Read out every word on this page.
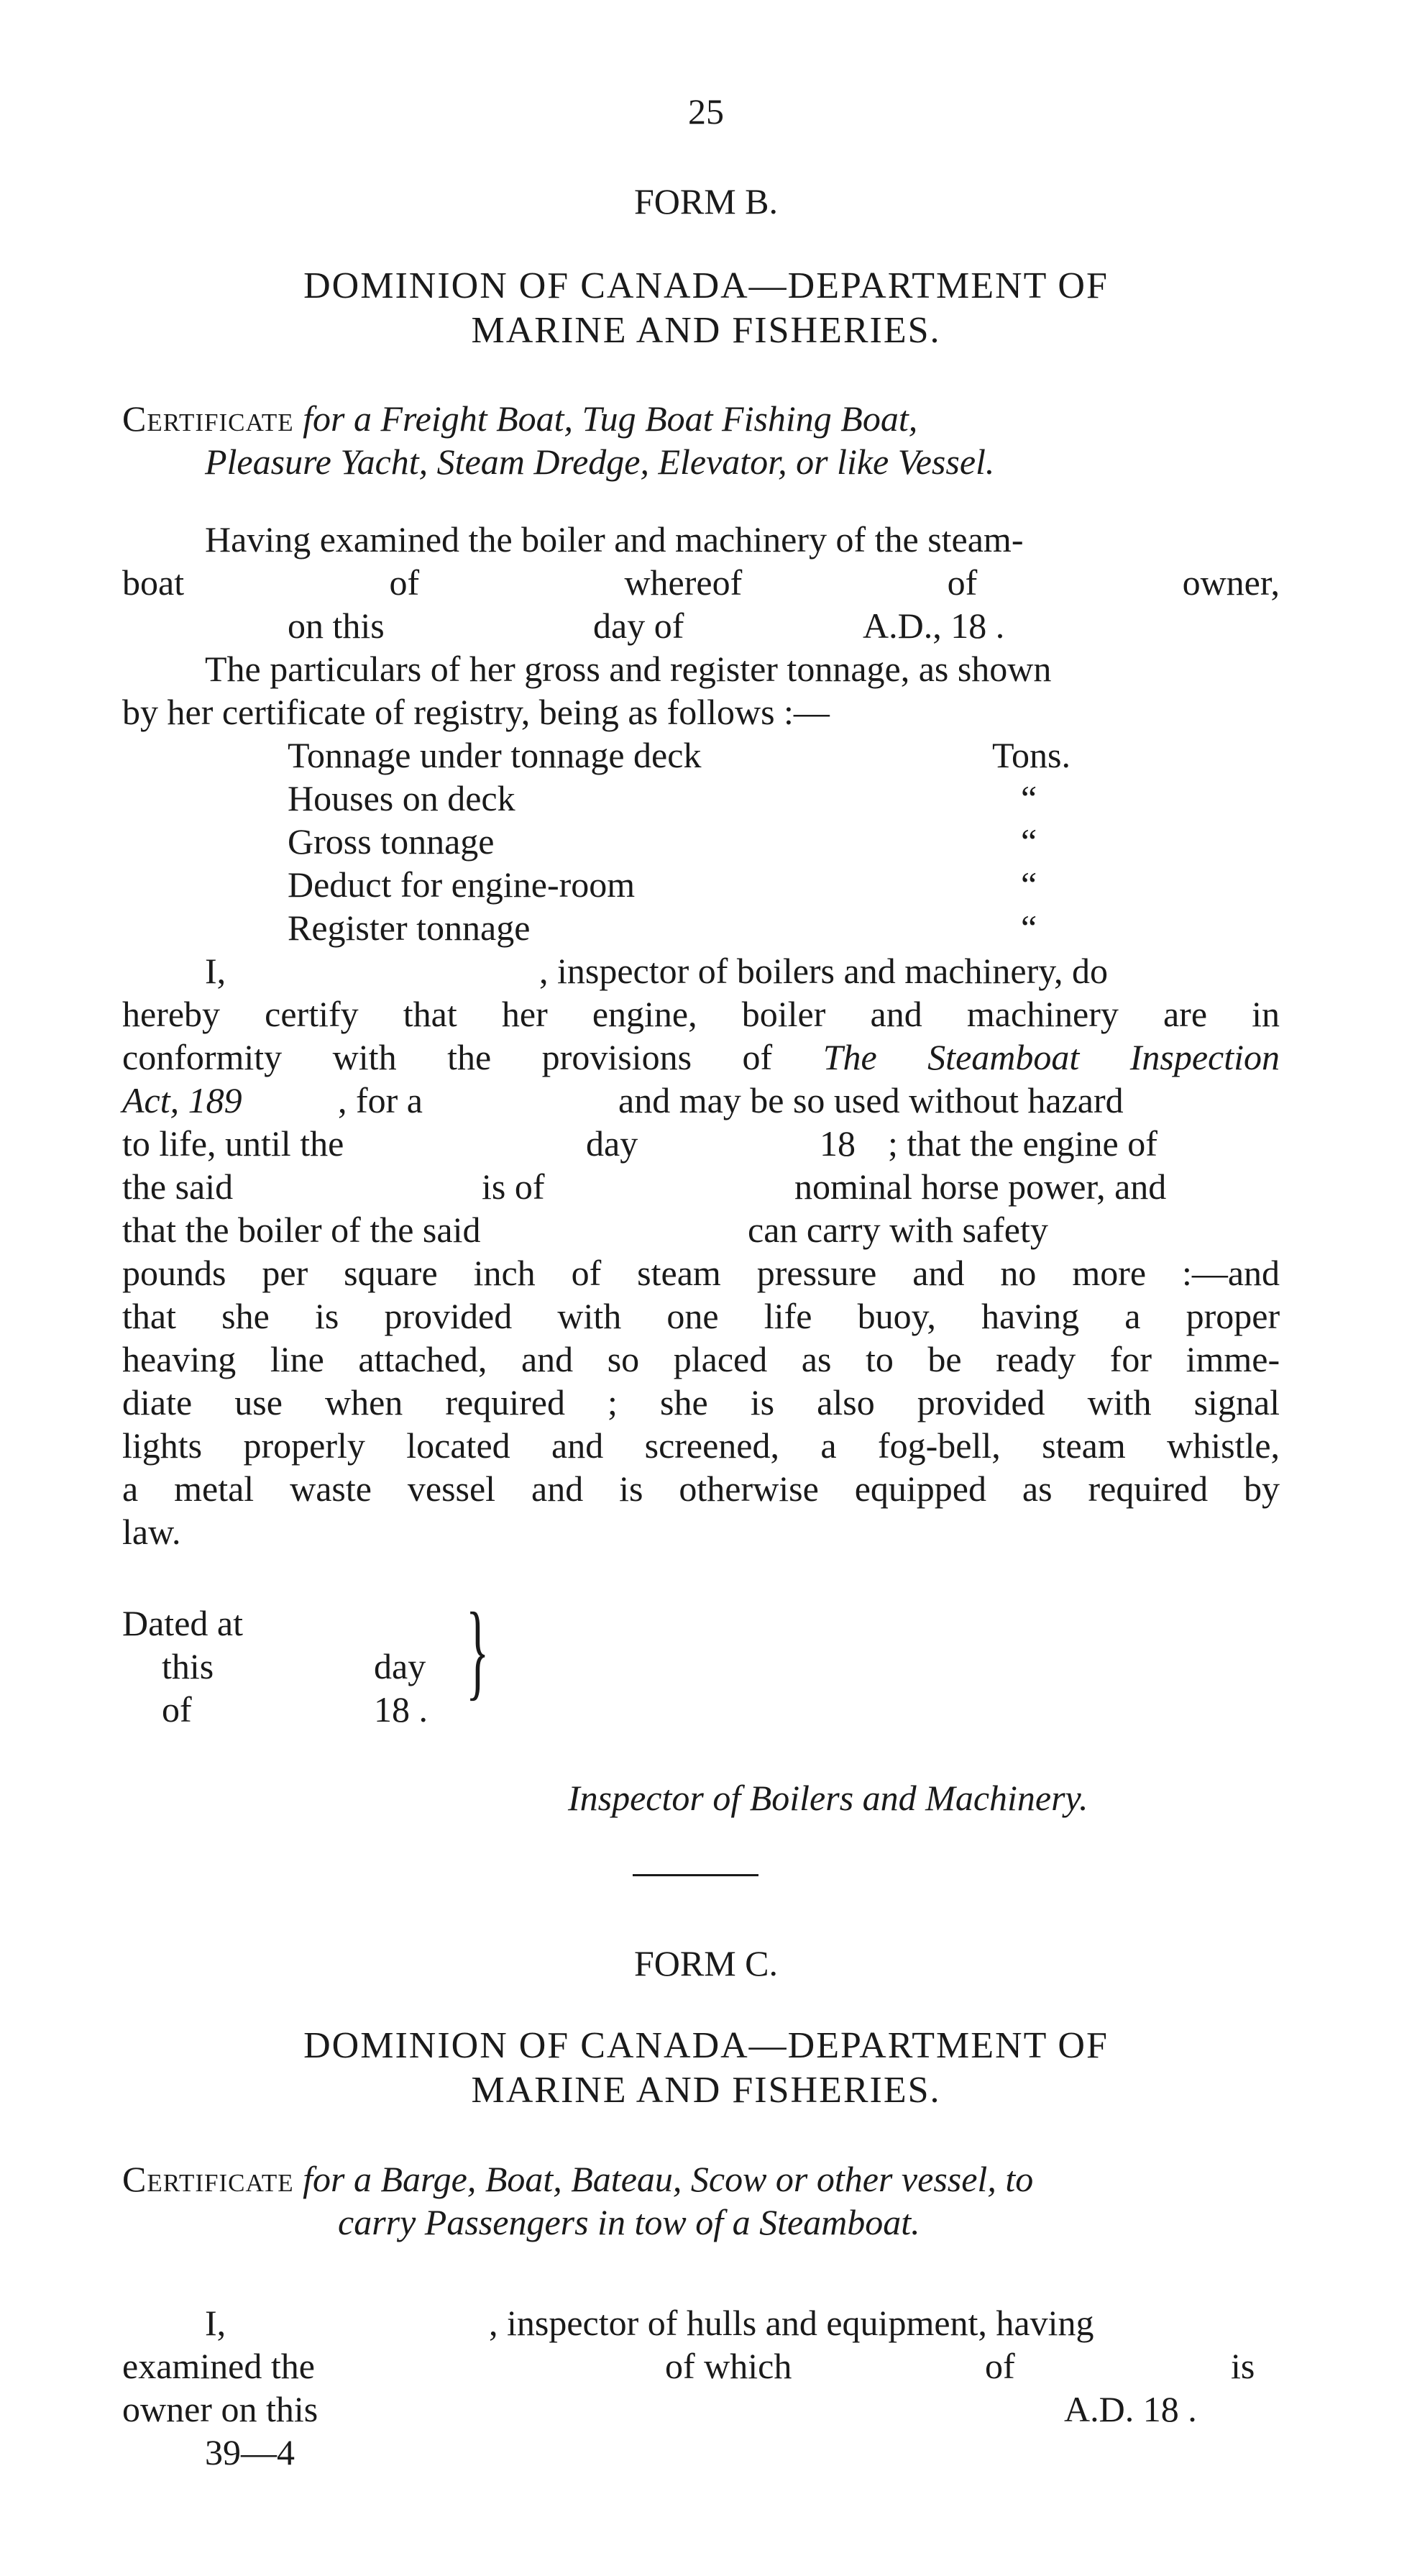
25
FORM B.
DOMINION OF CANADA—DEPARTMENT OF
MARINE AND FISHERIES.
Certificate for a Freight Boat, Tug Boat Fishing Boat,
Pleasure Yacht, Steam Dredge, Elevator, or like Vessel.
Having examined the boiler and machinery of the steam-
boat	of	whereof	of	owner,
on this	day of	A.D., 18 .
The particulars of her gross and register tonnage, as shown
by her certificate of registry, being as follows :—
Tonnage under tonnage deck	Tons.
Houses on deck	“
Gross tonnage	“
Deduct for engine-room	“
Register tonnage	“
I,	, inspector of boilers and machinery, do
hereby certify that her engine, boiler and machinery are in
conformity with the provisions of The Steamboat Inspection
Act, 189	, for a	and may be so used without hazard
to life, until the	day	18 ; that the engine of
the said	is of	nominal horse power, and
that the boiler of the said	can carry with safety
pounds per square inch of steam pressure and no more :—and
that she is provided with one life buoy, having a proper
heaving line attached, and so placed as to be ready for imme-
diate use when required ; she is also provided with signal
lights properly located and screened, a fog-bell, steam whistle,
a metal waste vessel and is otherwise equipped as required by
law.
Dated at
this	day
of	18 . }
Inspector of Boilers and Machinery.
FORM C.
DOMINION OF CANADA—DEPARTMENT OF
MARINE AND FISHERIES.
Certificate for a Barge, Boat, Bateau, Scow or other vessel, to
carry Passengers in tow of a Steamboat.
I,	, inspector of hulls and equipment, having
examined the	of which	of	is
owner on this	A.D. 18 .
39—4
